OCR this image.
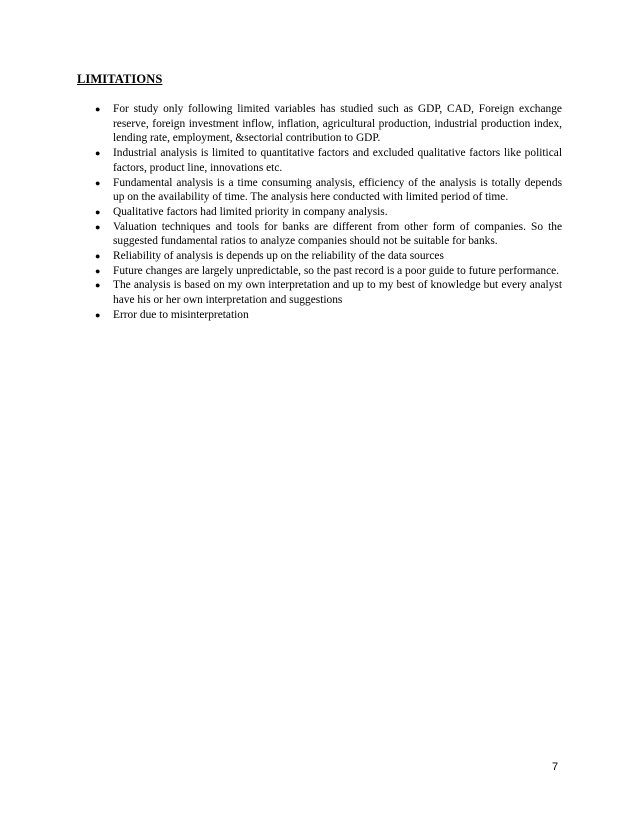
LIMITATIONS
●	For study only following limited variables has studied such as GDP, CAD, Foreign exchange reserve, foreign investment inflow, inflation, agricultural production, industrial production index, lending rate, employment, &sectorial contribution to GDP.
●	Industrial analysis is limited to quantitative factors and excluded qualitative factors like political factors, product line, innovations etc.
●	Fundamental analysis is a time consuming analysis, efficiency of the analysis is totally depends up on the availability of time. The analysis here conducted with limited period of time.
●	Qualitative factors had limited priority in company analysis.
●	Valuation techniques and tools for banks are different from other form of companies. So the suggested fundamental ratios to analyze companies should not be suitable for banks.
●	Reliability of analysis is depends up on the reliability of the data sources
●	Future changes are largely unpredictable, so the past record is a poor guide to future performance.
●	The analysis is based on my own interpretation and up to my best of knowledge but every analyst have his or her own interpretation and suggestions
●	Error due to misinterpretation
7
